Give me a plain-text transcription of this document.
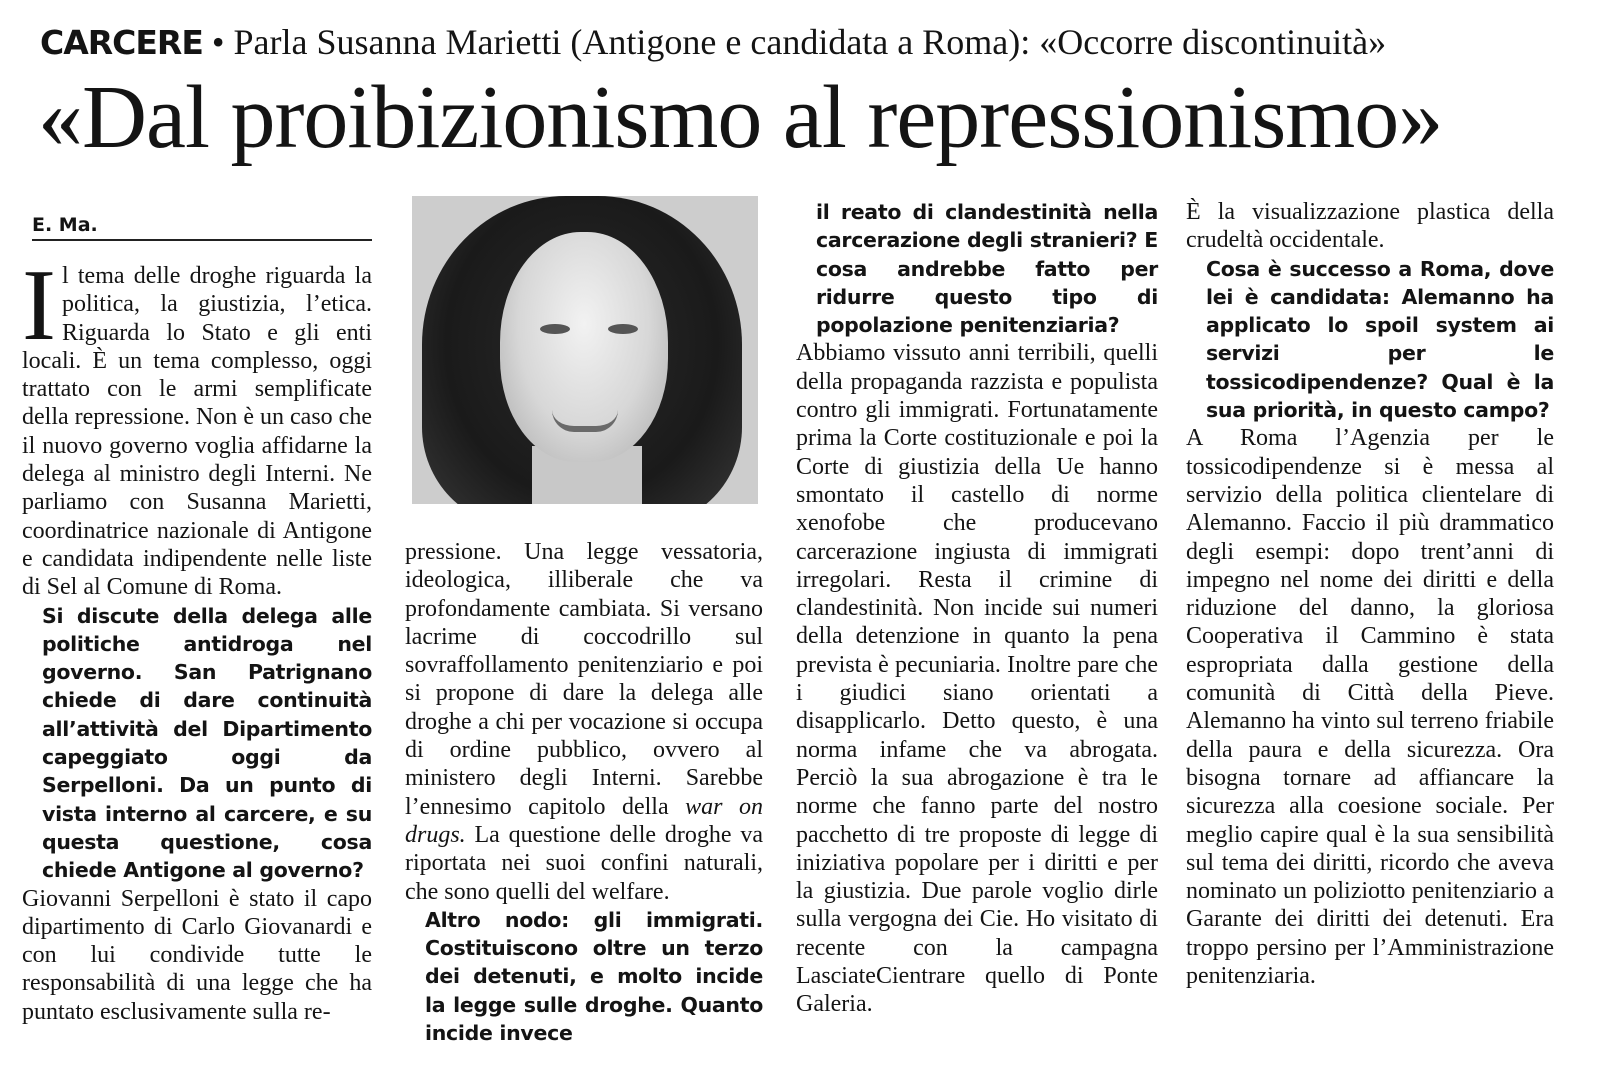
CARCERE • Parla Susanna Marietti (Antigone e candidata a Roma): «Occorre discontinuità»
«Dal proibizionismo al repressionismo»
E. Ma.

Il tema delle droghe riguarda la politica, la giustizia, l’etica. Riguarda lo Stato e gli enti locali. È un tema complesso, oggi trattato con le armi semplificate della repressione. Non è un caso che il nuovo governo voglia affidarne la delega al ministro degli Interni. Ne parliamo con Susanna Marietti, coordinatrice nazionale di Antigone e candidata indipendente nelle liste di Sel al Comune di Roma.

Si discute della delega alle politiche antidroga nel governo. San Patrignano chiede di dare continuità all’attività del Dipartimento capeggiato oggi da Serpelloni. Da un punto di vista interno al carcere, e su questa questione, cosa chiede Antigone al governo?

Giovanni Serpelloni è stato il capo dipartimento di Carlo Giovanardi e con lui condivide tutte le responsabilità di una legge che ha puntato esclusivamente sulla re-

pressione. Una legge vessatoria, ideologica, illiberale che va profondamente cambiata. Si versano lacrime di coccodrillo sul sovraffollamento penitenziario e poi si propone di dare la delega alle droghe a chi per vocazione si occupa di ordine pubblico, ovvero al ministero degli Interni. Sarebbe l’ennesimo capitolo della war on drugs. La questione delle droghe va riportata nei suoi confini naturali, che sono quelli del welfare.

Altro nodo: gli immigrati. Costituiscono oltre un terzo dei detenuti, e molto incide la legge sulle droghe. Quanto incide invece

il reato di clandestinità nella carcerazione degli stranieri? E cosa andrebbe fatto per ridurre questo tipo di popolazione penitenziaria?

Abbiamo vissuto anni terribili, quelli della propaganda razzista e populista contro gli immigrati. Fortunatamente prima la Corte costituzionale e poi la Corte di giustizia della Ue hanno smontato il castello di norme xenofobe che producevano carcerazione ingiusta di immigrati irregolari. Resta il crimine di clandestinità. Non incide sui numeri della detenzione in quanto la pena prevista è pecuniaria. Inoltre pare che i giudici siano orientati a disapplicarlo. Detto questo, è una norma infame che va abrogata. Perciò la sua abrogazione è tra le norme che fanno parte del nostro pacchetto di tre proposte di legge di iniziativa popolare per i diritti e per la giustizia. Due parole voglio dirle sulla vergogna dei Cie. Ho visitato di recente con la campagna LasciateCientrare quello di Ponte Galeria.

È la visualizzazione plastica della crudeltà occidentale.

Cosa è successo a Roma, dove lei è candidata: Alemanno ha applicato lo spoil system ai servizi per le tossicodipendenze? Qual è la sua priorità, in questo campo?

A Roma l’Agenzia per le tossicodipendenze si è messa al servizio della politica clientelare di Alemanno. Faccio il più drammatico degli esempi: dopo trent’anni di impegno nel nome dei diritti e della riduzione del danno, la gloriosa Cooperativa il Cammino è stata espropriata dalla gestione della comunità di Città della Pieve. Alemanno ha vinto sul terreno friabile della paura e della sicurezza. Ora bisogna tornare ad affiancare la sicurezza alla coesione sociale. Per meglio capire qual è la sua sensibilità sul tema dei diritti, ricordo che aveva nominato un poliziotto penitenziario a Garante dei diritti dei detenuti. Era troppo persino per l’Amministrazione penitenziaria.
